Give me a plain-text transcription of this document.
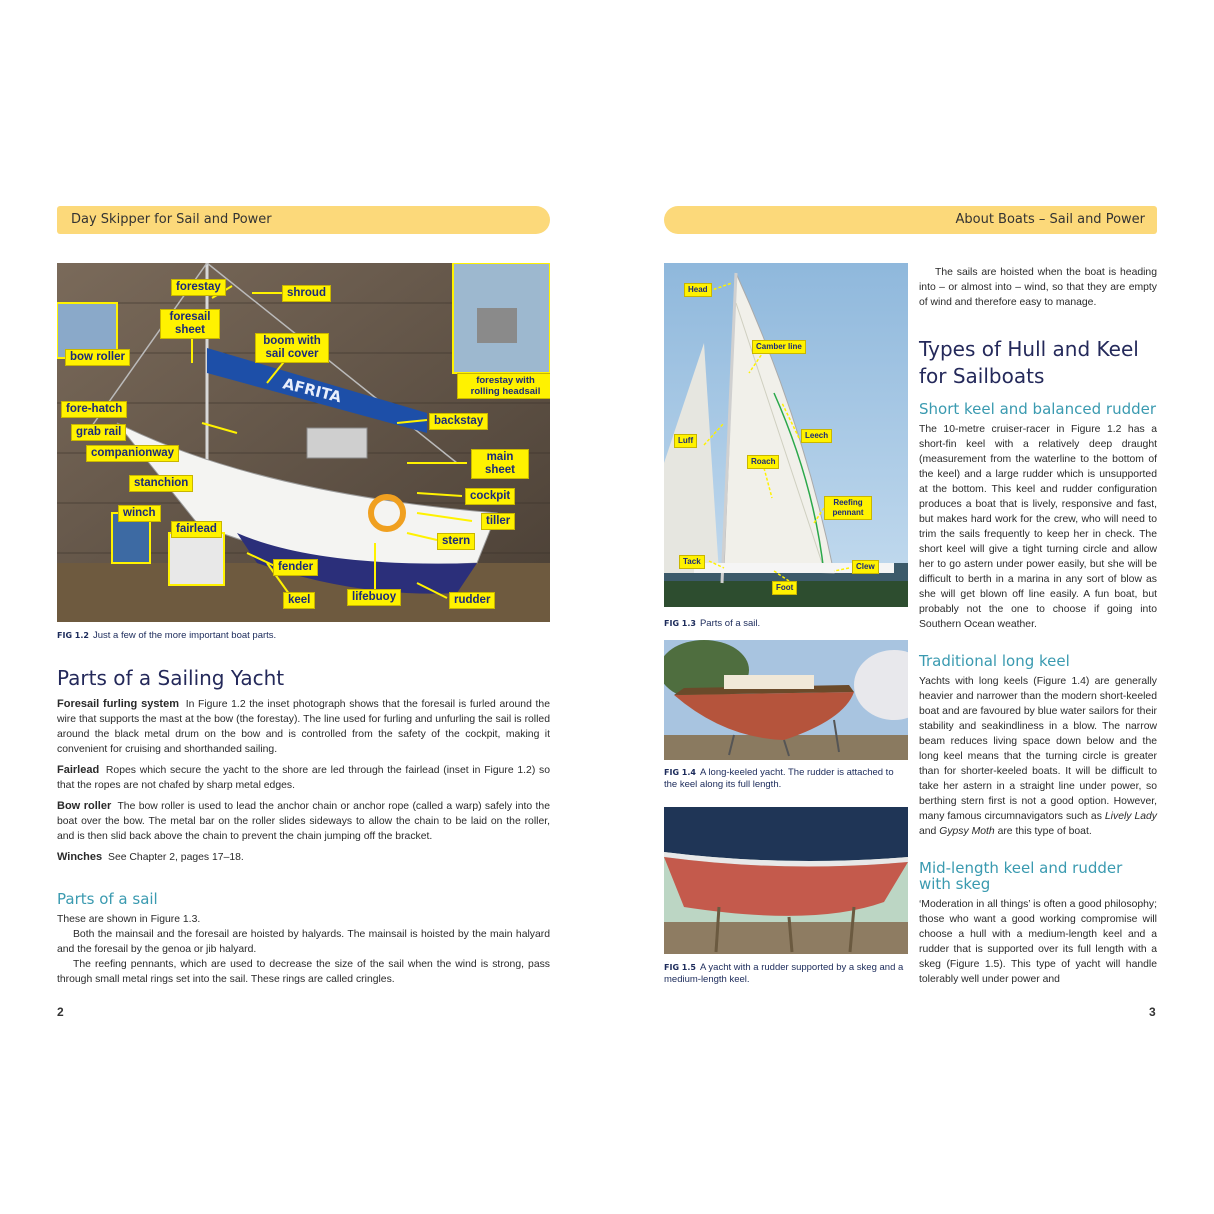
Day Skipper for Sail and Power
AFRITA
forestay	shroud
foresail sheet
boom with sail cover
bow roller
forestay with rolling headsail
fore-hatch
backstay
grab rail
companionway	main sheet
stanchion
cockpit
winch
fairlead
tiller
stern
fender
lifebuoy
keel	rudder
FIG 1.2 Just a few of the more important boat parts.
Parts of a Sailing Yacht

Foresail furling system In Figure 1.2 the inset photograph shows that the foresail is furled around the wire that supports the mast at the bow (the forestay). The line used for furling and unfurling the sail is rolled around the black metal drum on the bow and is controlled from the safety of the cockpit, making it convenient for cruising and shorthanded sailing.

Fairlead Ropes which secure the yacht to the shore are led through the fairlead (inset in Figure 1.2) so that the ropes are not chafed by sharp metal edges.

Bow roller The bow roller is used to lead the anchor chain or anchor rope (called a warp) safely into the boat over the bow. The metal bar on the roller slides sideways to allow the chain to be laid on the roller, and is then slid back above the chain to prevent the chain jumping off the bracket.

Winches See Chapter 2, pages 17–18.

Parts of a sail
These are shown in Figure 1.3.
Both the mainsail and the foresail are hoisted by halyards. The mainsail is hoisted by the main halyard and the foresail by the genoa or jib halyard.
The reefing pennants, which are used to decrease the size of the sail when the wind is strong, pass through small metal rings set into the sail. These rings are called cringles.
2
About Boats – Sail and Power
Head
Camber line
Luff
Leech
Roach
Reefing pennant
Tack
Clew
Foot
FIG 1.3 Parts of a sail.
FIG 1.4 A long-keeled yacht. The rudder is attached to the keel along its full length.
FIG 1.5 A yacht with a rudder supported by a skeg and a medium-length keel.
The sails are hoisted when the boat is heading into – or almost into – wind, so that they are empty of wind and therefore easy to manage.
Types of Hull and Keel for Sailboats
Short keel and balanced rudder
The 10-metre cruiser-racer in Figure 1.2 has a short-fin keel with a relatively deep draught (measurement from the waterline to the bottom of the keel) and a large rudder which is unsupported at the bottom. This keel and rudder configuration produces a boat that is lively, responsive and fast, but makes hard work for the crew, who will need to trim the sails frequently to keep her in check. The short keel will give a tight turning circle and allow her to go astern under power easily, but she will be difficult to berth in a marina in any sort of blow as she will get blown off line easily. A fun boat, but probably not the one to choose if going into Southern Ocean weather.
Traditional long keel
Yachts with long keels (Figure 1.4) are generally heavier and narrower than the modern short-keeled boat and are favoured by blue water sailors for their stability and seakindliness in a blow. The narrow beam reduces living space down below and the long keel means that the turning circle is greater than for shorter-keeled boats. It will be difficult to take her astern in a straight line under power, so berthing stern first is not a good option. However, many famous circumnavigators such as Lively Lady and Gypsy Moth are this type of boat.
Mid-length keel and rudder with skeg
‘Moderation in all things’ is often a good philosophy; those who want a good working compromise will choose a hull with a medium-length keel and a rudder that is supported over its full length with a skeg (Figure 1.5). This type of yacht will handle tolerably well under power and
3
